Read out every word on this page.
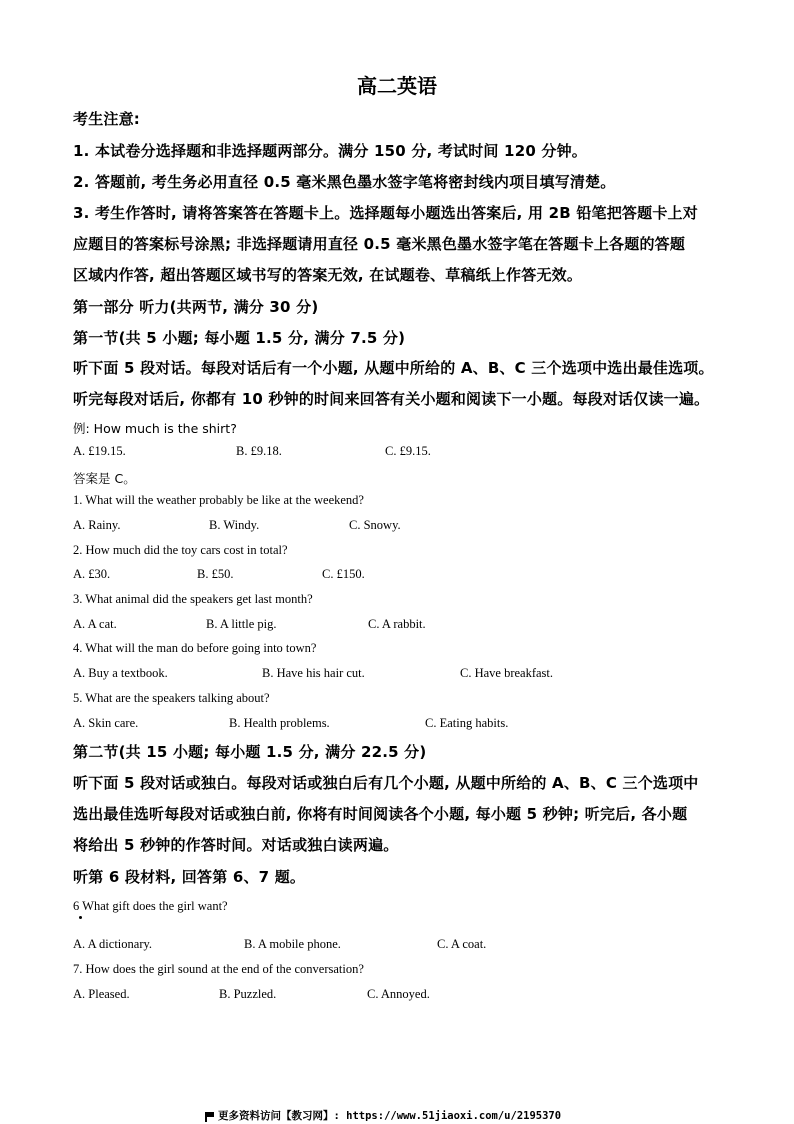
高二英语
考生注意:
1. 本试卷分选择题和非选择题两部分。满分 150 分, 考试时间 120 分钟。
2. 答题前, 考生务必用直径 0.5 毫米黑色墨水签字笔将密封线内项目填写清楚。
3. 考生作答时, 请将答案答在答题卡上。选择题每小题选出答案后, 用 2B 铅笔把答题卡上对
应题目的答案标号涂黑; 非选择题请用直径 0.5 毫米黑色墨水签字笔在答题卡上各题的答题
区域内作答, 超出答题区域书写的答案无效, 在试题卷、草稿纸上作答无效。
第一部分 听力(共两节, 满分 30 分)
第一节(共 5 小题; 每小题 1.5 分, 满分 7.5 分)
听下面 5 段对话。每段对话后有一个小题, 从题中所给的 A、B、C 三个选项中选出最佳选项。
听完每段对话后, 你都有 10 秒钟的时间来回答有关小题和阅读下一小题。每段对话仅读一遍。
例: How much is the shirt?
A. £19.15.	B. £9.18.	C. £9.15.
答案是 C。
1. What will the weather probably be like at the weekend?
A. Rainy.	B. Windy.	C. Snowy.
2. How much did the toy cars cost in total?
A. £30.	B. £50.	C. £150.
3. What animal did the speakers get last month?
A. A cat.	B. A little pig.	C. A rabbit.
4. What will the man do before going into town?
A. Buy a textbook.	B. Have his hair cut.	C. Have breakfast.
5. What are the speakers talking about?
A. Skin care.	B. Health problems.	C. Eating habits.
第二节(共 15 小题; 每小题 1.5 分, 满分 22.5 分)
听下面 5 段对话或独白。每段对话或独白后有几个小题, 从题中所给的 A、B、C 三个选项中
选出最佳选听每段对话或独白前, 你将有时间阅读各个小题, 每小题 5 秒钟; 听完后, 各小题
将给出 5 秒钟的作答时间。对话或独白读两遍。
听第 6 段材料, 回答第 6、7 题。
6 What gift does the girl want?
A. A dictionary.	B. A mobile phone.	C. A coat.
7. How does the girl sound at the end of the conversation?
A. Pleased.	B. Puzzled.	C. Annoyed.
更多资料访问【教习网】: https://www.51jiaoxi.com/u/2195370
